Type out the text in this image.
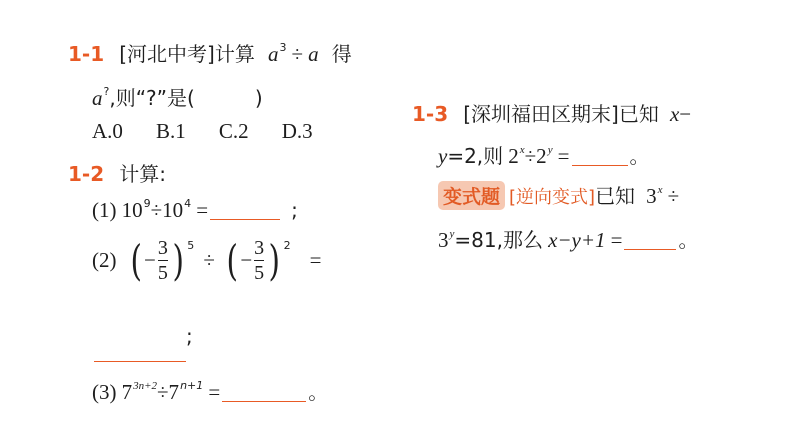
1-1 [河北中考]计算 $a^3 \div a$ 得
a?,则“?”是(	)
A.0 B.1 C.2 D.3
1-2 计算:
(1) $10^9\div 10^4$ =	;
(2) ( − $\frac{3}{5}$ ) $^5$ ÷ ( − $\frac{3}{5}$ ) $^2$ =
;
(3) $7^{3n+2}\div 7^{n+1}$ =	。
1-3 [深圳福田区期末]已知 x−
y=2,则 $2^x\div 2^y$ =	。
变式题 [逆向变式]已知 $3^x$ ÷
$3^y=81$,那么 x−y+1 =	。
